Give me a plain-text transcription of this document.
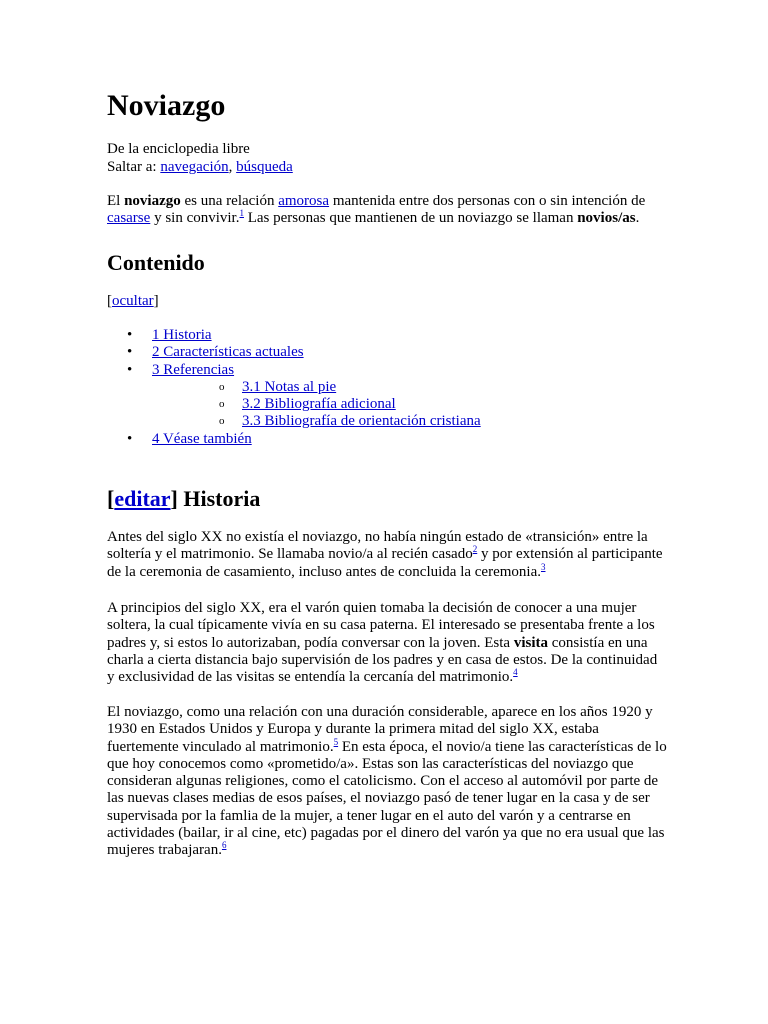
Noviazgo
De la enciclopedia libre
Saltar a: navegación, búsqueda

El noviazgo es una relación amorosa mantenida entre dos personas con o sin intención de casarse y sin convivir.$^1$ Las personas que mantienen de un noviazgo se llaman novios/as.

Contenido
[ocultar]
• 1 Historia
• 2 Características actuales
• 3 Referencias
o 3.1 Notas al pie
o 3.2 Bibliografía adicional
o 3.3 Bibliografía de orientación cristiana
• 4 Véase también
[editar] Historia

Antes del siglo XX no existía el noviazgo, no había ningún estado de «transición» entre la soltería y el matrimonio. Se llamaba novio/a al recién casado$^2$ y por extensión al participante de la ceremonia de casamiento, incluso antes de concluida la ceremonia.$^3$

A principios del siglo XX, era el varón quien tomaba la decisión de conocer a una mujer soltera, la cual típicamente vivía en su casa paterna. El interesado se presentaba frente a los padres y, si estos lo autorizaban, podía conversar con la joven. Esta visita consistía en una charla a cierta distancia bajo supervisión de los padres y en casa de estos. De la continuidad y exclusividad de las visitas se entendía la cercanía del matrimonio.$^4$

El noviazgo, como una relación con una duración considerable, aparece en los años 1920 y 1930 en Estados Unidos y Europa y durante la primera mitad del siglo XX, estaba fuertemente vinculado al matrimonio.$^5$ En esta época, el novio/a tiene las características de lo que hoy conocemos como «prometido/a». Estas son las características del noviazgo que consideran algunas religiones, como el catolicismo. Con el acceso al automóvil por parte de las nuevas clases medias de esos países, el noviazgo pasó de tener lugar en la casa y de ser supervisada por la famlia de la mujer, a tener lugar en el auto del varón y a centrarse en actividades (bailar, ir al cine, etc) pagadas por el dinero del varón ya que no era usual que las mujeres trabajaran.$^6$
